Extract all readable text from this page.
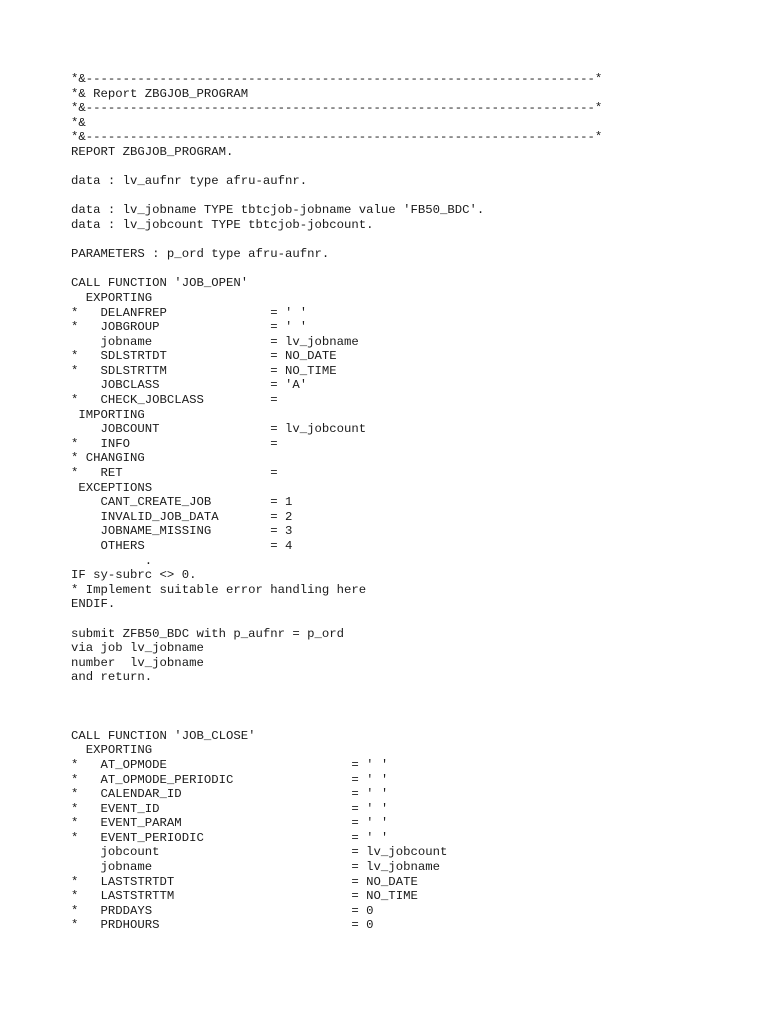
*&---------------------------------------------------------------------*
*& Report ZBGJOB_PROGRAM
*&---------------------------------------------------------------------*
*&
*&---------------------------------------------------------------------*
REPORT ZBGJOB_PROGRAM.
data : lv_aufnr type afru-aufnr.
data : lv_jobname TYPE tbtcjob-jobname value 'FB50_BDC'.
data : lv_jobcount TYPE tbtcjob-jobcount.
PARAMETERS : p_ord type afru-aufnr.
CALL FUNCTION 'JOB_OPEN'
EXPORTING
*   DELANFREP              = ' '
*   JOBGROUP               = ' '
jobname                = lv_jobname
*   SDLSTRTDT              = NO_DATE
*   SDLSTRTTM              = NO_TIME
JOBCLASS               = 'A'
*   CHECK_JOBCLASS         =
IMPORTING
JOBCOUNT               = lv_jobcount
*   INFO                   =
* CHANGING
*   RET                    =
EXCEPTIONS
CANT_CREATE_JOB        = 1
INVALID_JOB_DATA       = 2
JOBNAME_MISSING        = 3
OTHERS                 = 4
.
IF sy-subrc <> 0.
* Implement suitable error handling here
ENDIF.
submit ZFB50_BDC with p_aufnr = p_ord
via job lv_jobname
number  lv_jobname
and return.
CALL FUNCTION 'JOB_CLOSE'
EXPORTING
*   AT_OPMODE                         = ' '
*   AT_OPMODE_PERIODIC                = ' '
*   CALENDAR_ID                       = ' '
*   EVENT_ID                          = ' '
*   EVENT_PARAM                       = ' '
*   EVENT_PERIODIC                    = ' '
jobcount                          = lv_jobcount
jobname                           = lv_jobname
*   LASTSTRTDT                        = NO_DATE
*   LASTSTRTTM                        = NO_TIME
*   PRDDAYS                           = 0
*   PRDHOURS                          = 0
